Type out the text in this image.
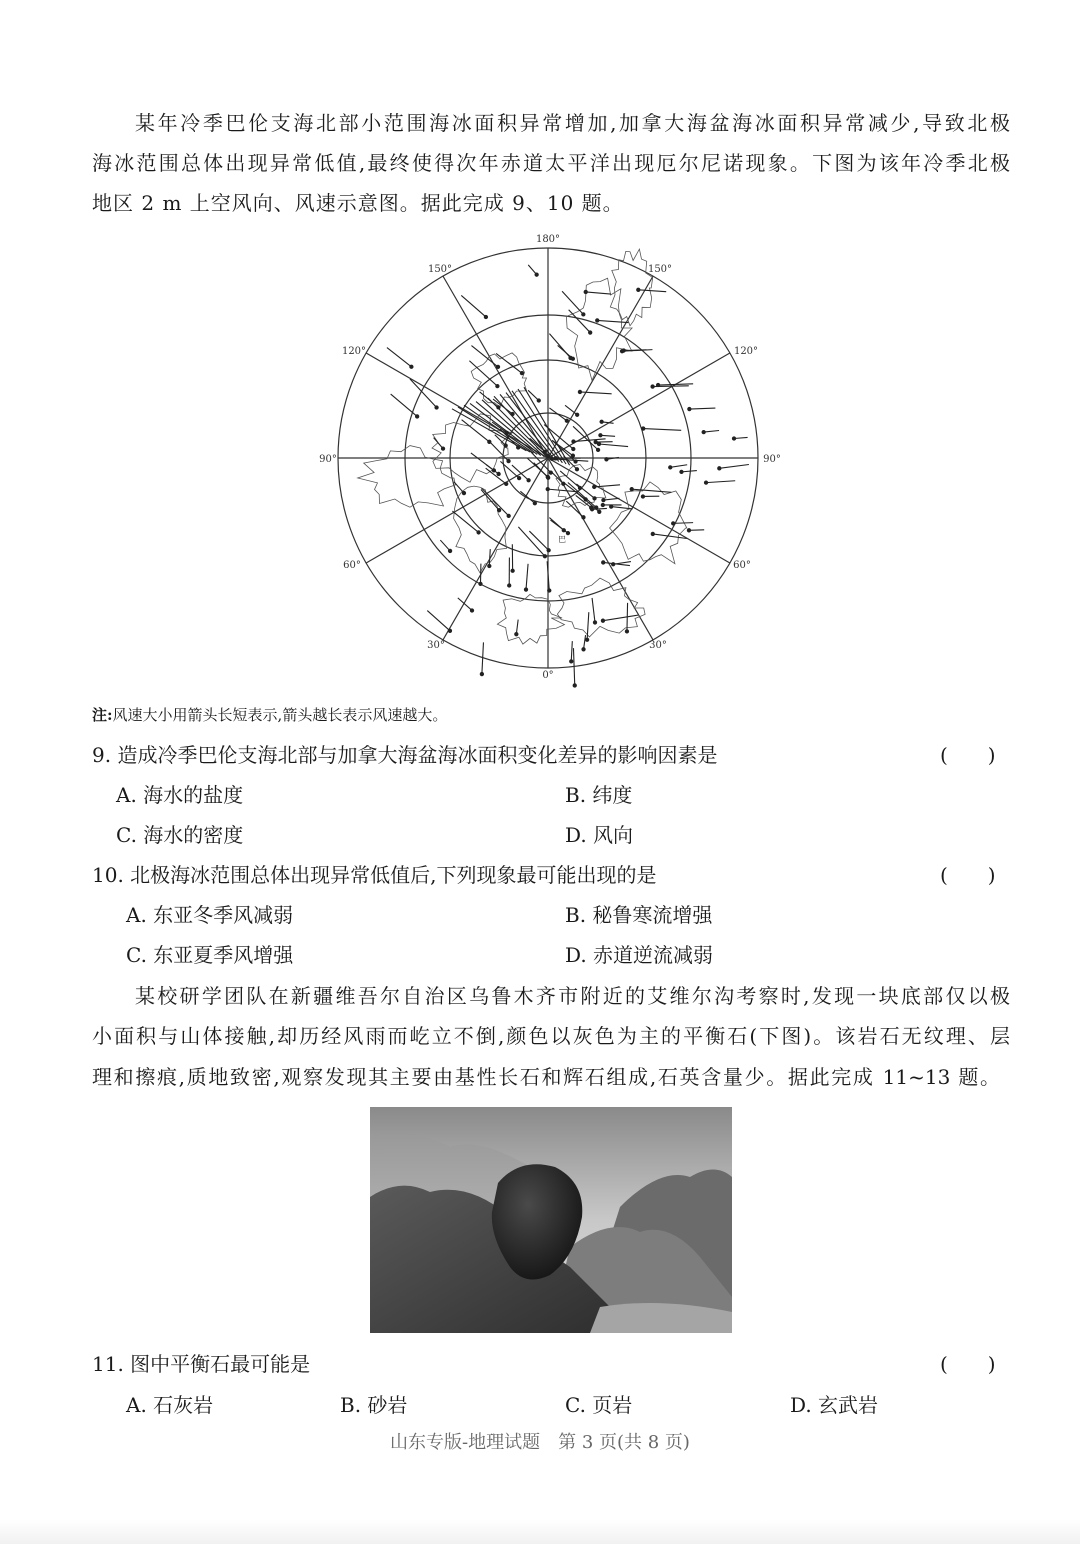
某年冷季巴伦支海北部小范围海冰面积异常增加,加拿大海盆海冰面积异常减少,导致北极
海冰范围总体出现异常低值,最终使得次年赤道太平洋出现厄尔尼诺现象。下图为该年冷季北极
地区 2 m 上空风向、风速示意图。据此完成 9、10 题。
180°
150°	150°
120°	120°
90°	90°
60°	60°
30°	30°
0°
巴
注:风速大小用箭头长短表示,箭头越长表示风速越大。
9. 造成冷季巴伦支海北部与加拿大海盆海冰面积变化差异的影响因素是	(　　)
A. 海水的盐度	B. 纬度
C. 海水的密度	D. 风向
10. 北极海冰范围总体出现异常低值后,下列现象最可能出现的是	(　　)
A. 东亚冬季风减弱	B. 秘鲁寒流增强
C. 东亚夏季风增强	D. 赤道逆流减弱
某校研学团队在新疆维吾尔自治区乌鲁木齐市附近的艾维尔沟考察时,发现一块底部仅以极
小面积与山体接触,却历经风雨而屹立不倒,颜色以灰色为主的平衡石(下图)。该岩石无纹理、层
理和擦痕,质地致密,观察发现其主要由基性长石和辉石组成,石英含量少。据此完成 11~13 题。
11. 图中平衡石最可能是	(　　)
A. 石灰岩	B. 砂岩	C. 页岩	D. 玄武岩
山东专版-地理试题　第 3 页(共 8 页)
